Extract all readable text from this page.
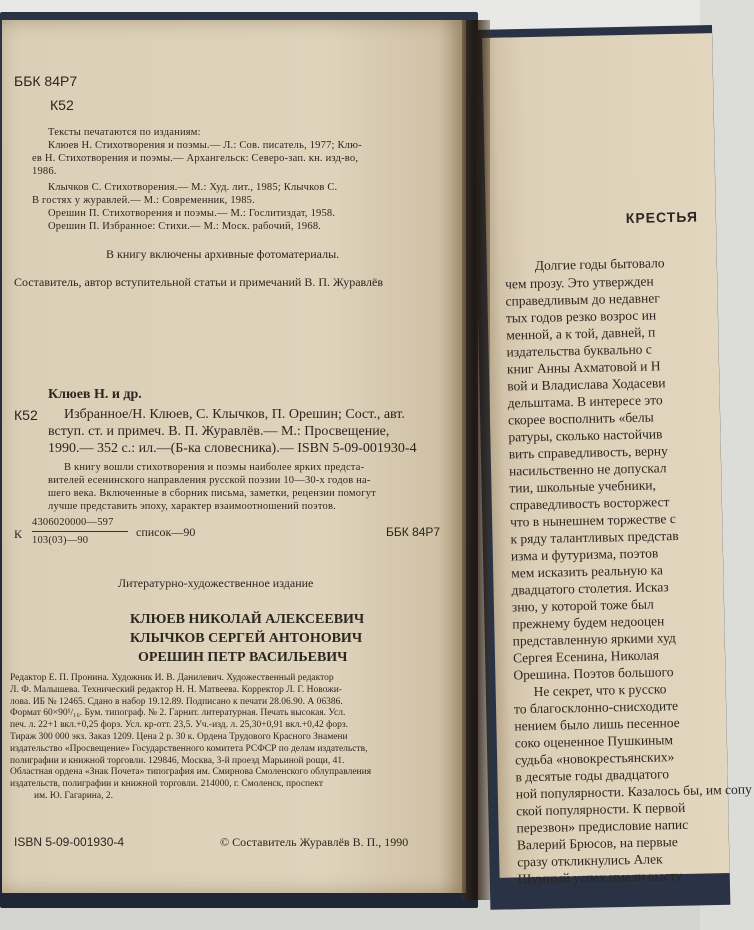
ББК 84Р7
К52
Тексты печатаются по изданиям:
Клюев Н. Стихотворения и поэмы.— Л.: Сов. писатель, 1977; Клю-
ев Н. Стихотворения и поэмы.— Архангельск: Северо-зап. кн. изд-во,
1986.
Клычков С. Стихотворения.— М.: Худ. лит., 1985; Клычков С.
В гостях у журавлей.— М.: Современник, 1985.
Орешин П. Стихотворения и поэмы.— М.: Гослитиздат, 1958.
Орешин П. Избранное: Стихи.— М.: Моск. рабочий, 1968.
В книгу включены архивные фотоматериалы.
Составитель, автор вступительной статьи и примечаний В. П. Журавлёв
Клюев Н. и др.
К52 Избранное/Н. Клюев, С. Клычков, П. Орешин; Сост., авт.
вступ. ст. и примеч. В. П. Журавлёв.— М.: Просвещение,
1990.— 352 с.: ил.—(Б-ка словесника).— ISBN 5-09-001930-4
В книгу вошли стихотворения и поэмы наиболее ярких предста-
вителей есенинского направления русской поэзии 10—30-х годов на-
шего века. Включенные в сборник письма, заметки, рецензии помогут
лучше представить эпоху, характер взаимоотношений поэтов.
К
4306020000—597
список—90
103(03)—90
ББК 84Р7
Литературно-художественное издание
КЛЮЕВ НИКОЛАЙ АЛЕКСЕЕВИЧ
КЛЫЧКОВ СЕРГЕЙ АНТОНОВИЧ
ОРЕШИН ПЕТР ВАСИЛЬЕВИЧ
Редактор Е. П. Пронина. Художник И. В. Данилевич. Художественный редактор
Л. Ф. Малышева. Технический редактор Н. Н. Матвеева. Корректор Л. Г. Новожи-
лова. ИБ № 12465. Сдано в набор 19.12.89. Подписано к печати 28.06.90. А 06386.
Формат 60×90¹/₁₆. Бум. типограф. № 2. Гарнит. литературная. Печать высокая. Усл.
печ. л. 22+1 вкл.+0,25 форз. Усл. кр-отт. 23,5. Уч.-изд. л. 25,30+0,91 вкл.+0,42 форз.
Тираж 300 000 экз. Заказ 1209. Цена 2 р. 30 к. Ордена Трудового Красного Знамени
издательство «Просвещение» Государственного комитета РСФСР по делам издательств,
полиграфии и книжной торговли. 129846, Москва, 3-й проезд Марьиной рощи, 41.
Областная ордена «Знак Почета» типография им. Смирнова Смоленского облуправления
издательств, полиграфии и книжной торговли. 214000, г. Смоленск, проспект
им. Ю. Гагарина, 2.
ISBN 5-09-001930-4	© Составитель Журавлёв В. П., 1990
КРЕСТЬЯ
Долгие годы бытовало
чем прозу. Это утвержден
справедливым до недавнег
тых годов резко возрос ин
менной, а к той, давней, п
издательства буквально с
книг Анны Ахматовой и Н
вой и Владислава Ходасеви
дельштама. В интересе это
скорее восполнить «белы
ратуры, сколько настойчив
вить справедливость, верну
насильственно не допускал
тии, школьные учебники,
справедливость восторжест
что в нынешнем торжестве с
к ряду талантливых представ
изма и футуризма, поэтов
мем исказить реальную ка
двадцатого столетия. Исказ
зню, у которой тоже был
прежнему будем недооцен
представленную яркими худ
Сергея Есенина, Николая
Орешина. Поэтов большого
Не секрет, что к русско
то благосклонно-снисходите
нением было лишь песенное
соко оцененное Пушкиным
судьба «новокрестьянских»
в десятые годы двадцатого
ной популярности. Казалось бы, им сопу
ской популярности. К первой
перезвон» предисловие напис
Валерий Брюсов, на первые
сразу откликнулись Алек
Шумный успех имели высту
